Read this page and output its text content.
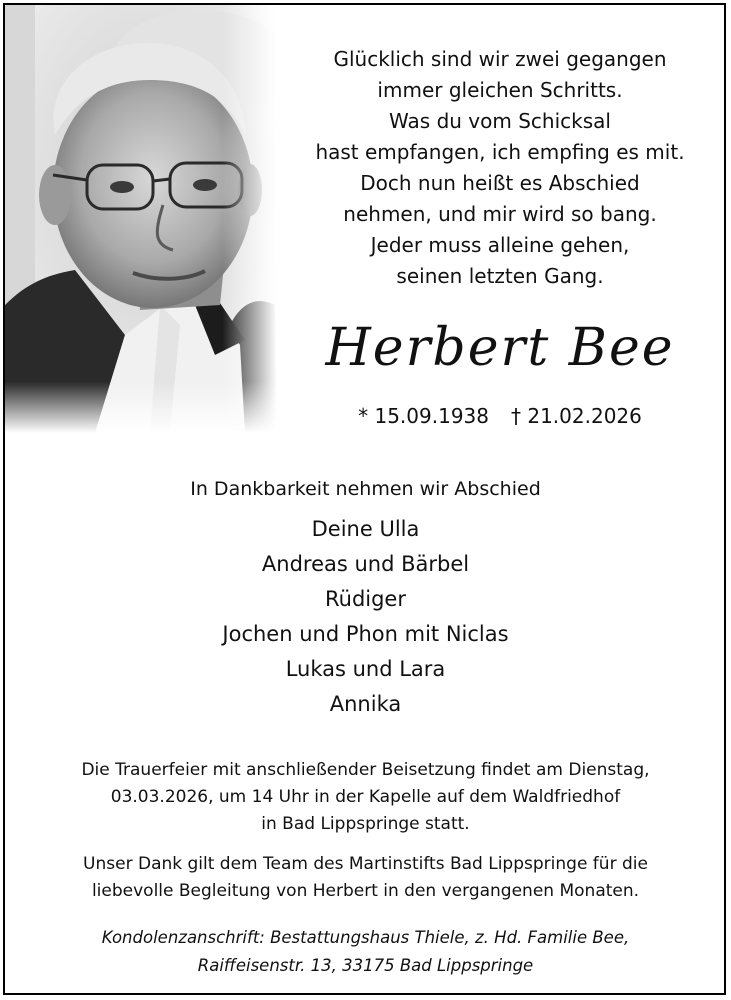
Glücklich sind wir zwei gegangen
immer gleichen Schritts.
Was du vom Schicksal
hast empfangen, ich empfing es mit.
Doch nun heißt es Abschied
nehmen, und mir wird so bang.
Jeder muss alleine gehen,
seinen letzten Gang.
Herbert Bee
* 15.09.1938 † 21.02.2026
In Dankbarkeit nehmen wir Abschied
Deine Ulla
Andreas und Bärbel
Rüdiger
Jochen und Phon mit Niclas
Lukas und Lara
Annika
Die Trauerfeier mit anschließender Beisetzung findet am Dienstag,
03.03.2026, um 14 Uhr in der Kapelle auf dem Waldfriedhof
in Bad Lippspringe statt.
Unser Dank gilt dem Team des Martinstifts Bad Lippspringe für die
liebevolle Begleitung von Herbert in den vergangenen Monaten.
Kondolenzanschrift: Bestattungshaus Thiele, z. Hd. Familie Bee,
Raiffeisenstr. 13, 33175 Bad Lippspringe
